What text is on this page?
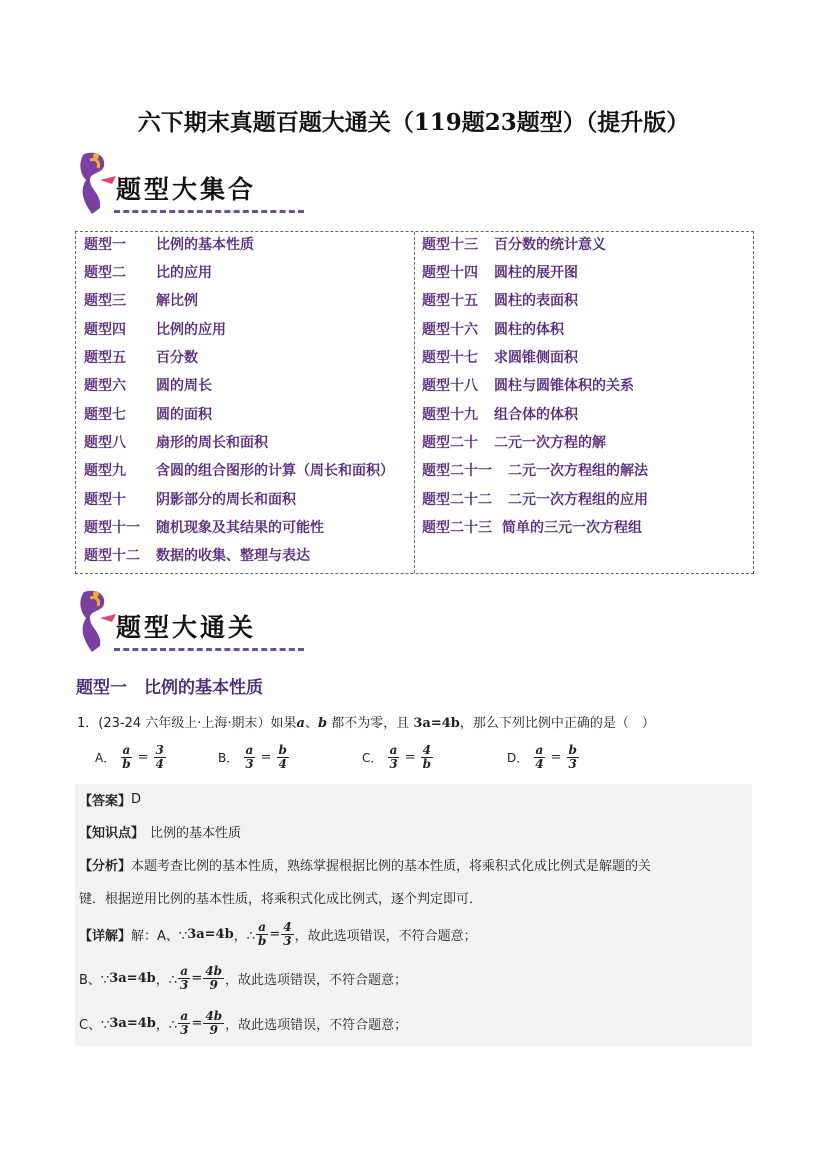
六下期末真题百题大通关（119题23题型）（提升版）
题型大集合
题型一 比例的基本性质
题型二 比的应用
题型三 解比例
题型四 比例的应用
题型五 百分数
题型六 圆的周长
题型七 圆的面积
题型八 扇形的周长和面积
题型九 含圆的组合图形的计算（周长和面积）
题型十 阴影部分的周长和面积
题型十一 随机现象及其结果的可能性
题型十二 数据的收集、整理与表达
题型十三 百分数的统计意义
题型十四 圆柱的展开图
题型十五 圆柱的表面积
题型十六 圆柱的体积
题型十七 求圆锥侧面积
题型十八 圆柱与圆锥体积的关系
题型十九 组合体的体积
题型二十 二元一次方程的解
题型二十一 二元一次方程组的解法
题型二十二 二元一次方程组的应用
题型二十三 简单的三元一次方程组
题型大通关
题型一　比例的基本性质
1．(23-24 六年级上·上海·期末）如果a、b 都不为零，且 3a=4b，那么下列比例中正确的是（　）
A． $\frac{a}{b} = \frac{3}{4}$	B． $\frac{a}{3} = \frac{b}{4}$	C． $\frac{a}{3} = \frac{4}{b}$	D． $\frac{a}{4} = \frac{b}{3}$
【答案】 D
【知识点】 比例的基本性质
【分析】 本题考查比例的基本性质，熟练掌握根据比例的基本性质，将乘积式化成比例式是解题的关
键．根据逆用比例的基本性质，将乘积式化成比例式，逐个判定即可．
【详解】 解：A、∵ 3a=4b ，∴ $\frac{a}{b} = \frac{4}{3}$ ，故此选项错误，不符合题意；
B、∵ 3a=4b ，∴ $\frac{a}{3} = \frac{4b}{9}$ ，故此选项错误，不符合题意；
C、∵ 3a=4b ，∴ $\frac{a}{3} = \frac{4b}{9}$ ，故此选项错误，不符合题意；
